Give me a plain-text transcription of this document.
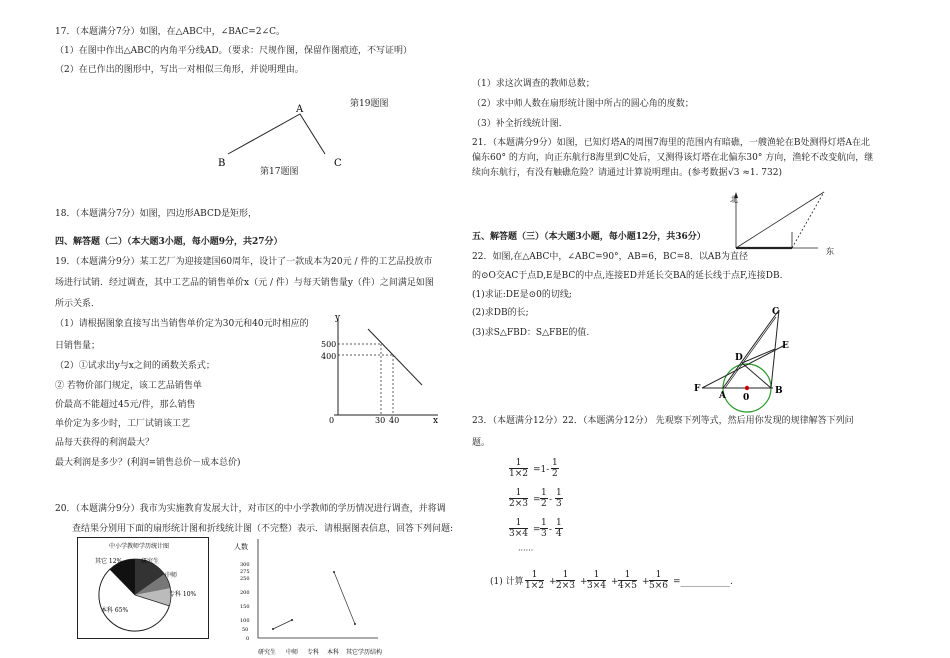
17．（本题满分7分）如图，在△ABC中，∠BAC=2∠C。
（1）在图中作出△ABC的内角平分线AD。（要求：尺规作图，保留作图痕迹，不写证明）
（2）在已作出的图形中，写出一对相似三角形，并说明理由。
第19题图
A
B	C
第17题图
18．（本题满分7分）如图，四边形ABCD是矩形，
四、解答题（二）（本大题3小题，每小题9分，共27分）
19．（本题满分9分）某工艺厂为迎接建国60周年，设计了一款成本为20元 / 件的工艺品投放市
场进行试销．经过调查，其中工艺品的销售单价x（元 / 件）与每天销售量y（件）之间满足如图
所示关系．
（1）请根据图象直接写出当销售单价定为30元和40元时相应的
日销售量；
（2）①试求出y与x之间的函数关系式；
② 若物价部门规定，该工艺品销售单
价最高不能超过45元/件，那么销售
单价定为多少时，工厂试销该工艺
品每天获得的利润最大？
最大利润是多少？(利润=销售总价－成本总价)
y
x
500
400
0	30 40
20．（本题满分9分）我市为实施教育发展大计，对市区的中小学教师的学历情况进行调查，并将调
查结果分别用下面的扇形统计图和折线统计图（不完整）表示．请根据图表信息，回答下列问题:
中小学教师学历统计图
其它 12%	研究生
中师
专科 10%
本科 65%
人数
300
275
250
200
150
100
50
0
研究生 中师 专科 本科 其它学历结构
（1）求这次调查的教师总数；
（2）求中师人数在扇形统计图中所占的圆心角的度数；
（3）补全折线统计图．
21．（本题满分9分）如图，已知灯塔A的周围7海里的范围内有暗礁，一艘渔轮在B处测得灯塔A在北
偏东60° 的方向，向正东航行8海里到C处后，又测得该灯塔在北偏东30° 方向，渔轮不改变航向，继
续向东航行，有没有触礁危险？请通过计算说明理由。(参考数据 √3 ≈1. 732)
北
东
五、解答题（三）（本大题3小题，每小题12分，共36分）
22．如图,在△ABC中，∠ABC=90°，AB=6，BC=8．以AB为直径
的⊙O交AC于点D,E是BC的中点,连接ED并延长交BA的延长线于点F,连接DB.
(1)求证:DE是⊙0的切线;
(2)求DB的长;
(3)求S△FBD：S△FBE的值.
C
D
E
F
A 0
B
23．（本题满分12分）22．（本题满分12分） 先观察下列等式，然后用你发现的规律解答下列问
题。
$\frac{1}{1\times 2} =1- \frac{1}{2}$
$\frac{1}{2\times 3} = \frac{1}{2} - \frac{1}{3}$
$\frac{1}{3\times 4} = \frac{1}{3} - \frac{1}{4}$
······
(1) 计算 $\frac{1}{1\times 2} + \frac{1}{2\times 3} + \frac{1}{3\times 4} + \frac{1}{4\times 5} + \frac{1}{5\times 6}$ =___________.
